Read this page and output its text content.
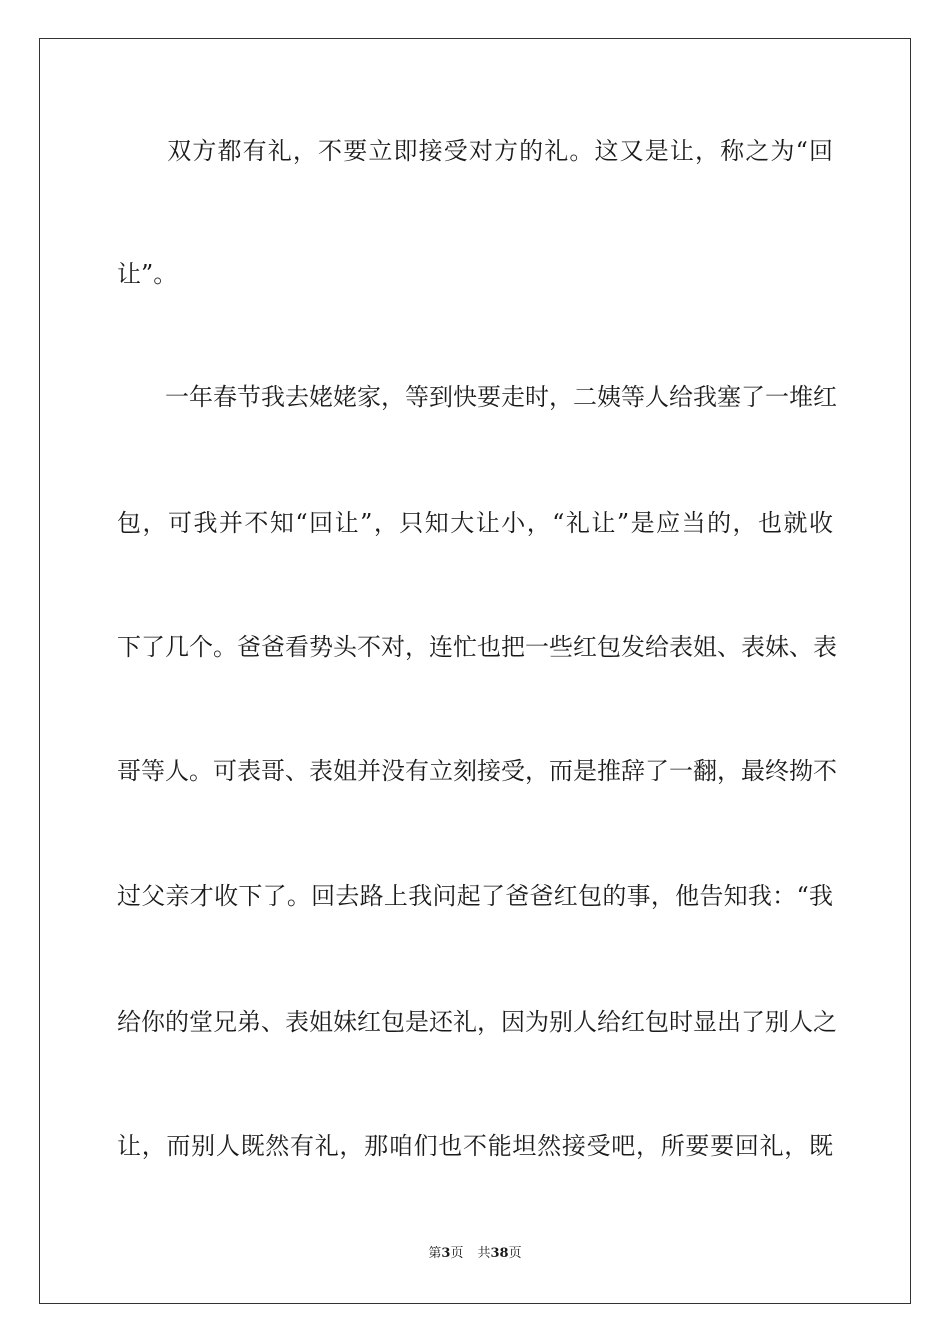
　　双方都有礼，不要立即接受对方的礼。这又是让，称之为“回
让”。
　　一年春节我去姥姥家，等到快要走时，二姨等人给我塞了一堆红
包，可我并不知“回让”，只知大让小，“礼让”是应当的，也就收
下了几个。爸爸看势头不对，连忙也把一些红包发给表姐、表妹、表
哥等人。可表哥、表姐并没有立刻接受，而是推辞了一翻，最终拗不
过父亲才收下了。回去路上我问起了爸爸红包的事，他告知我：“我
给你的堂兄弟、表姐妹红包是还礼，因为别人给红包时显出了别人之
让，而别人既然有礼，那咱们也不能坦然接受吧，所要要回礼，既
第3页 共38页
